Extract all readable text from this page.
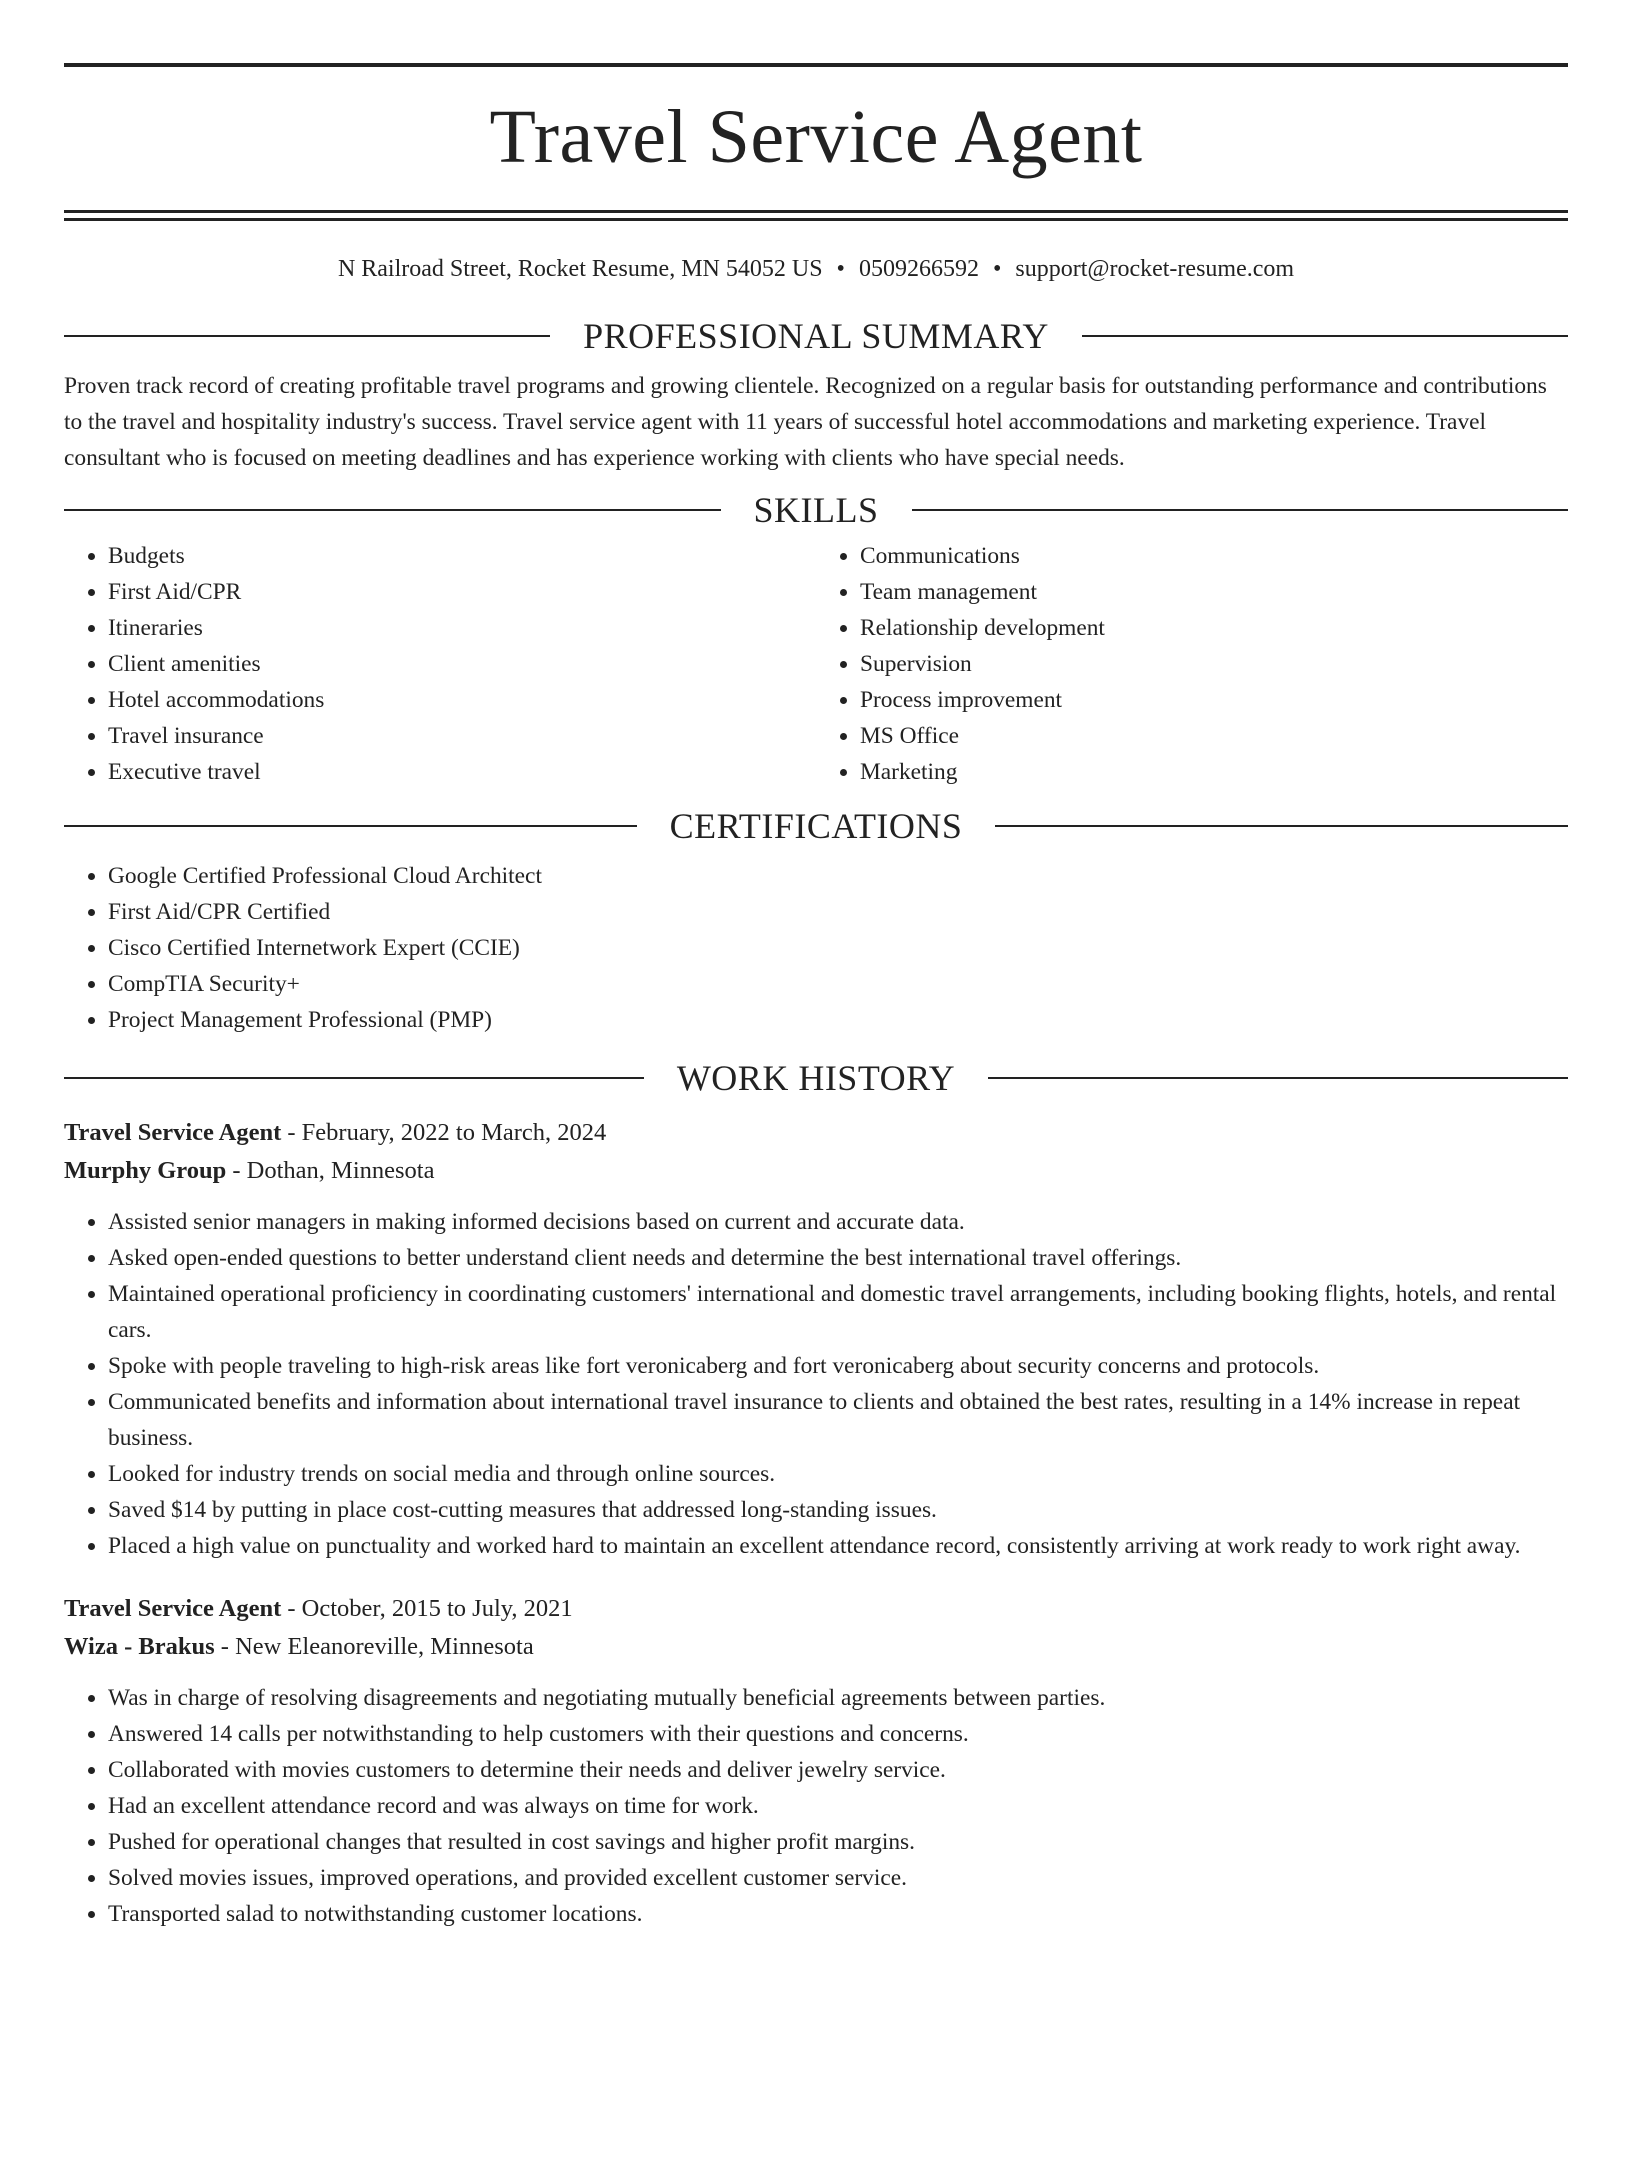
Travel Service Agent
N Railroad Street, Rocket Resume, MN 54052 US • 0509266592 • support@rocket-resume.com
PROFESSIONAL SUMMARY

Proven track record of creating profitable travel programs and growing clientele. Recognized on a regular basis for outstanding performance and contributions to the travel and hospitality industry's success. Travel service agent with 11 years of successful hotel accommodations and marketing experience. Travel consultant who is focused on meeting deadlines and has experience working with clients who have special needs.

SKILLS
• Budgets
• First Aid/CPR
• Itineraries
• Client amenities
• Hotel accommodations
• Travel insurance
• Executive travel
• Communications
• Team management
• Relationship development
• Supervision
• Process improvement
• MS Office
• Marketing
CERTIFICATIONS
• Google Certified Professional Cloud Architect
• First Aid/CPR Certified
• Cisco Certified Internetwork Expert (CCIE)
• CompTIA Security+
• Project Management Professional (PMP)
WORK HISTORY

Travel Service Agent - February, 2022 to March, 2024

Murphy Group - Dothan, Minnesota

• Assisted senior managers in making informed decisions based on current and accurate data.
• Asked open-ended questions to better understand client needs and determine the best international travel offerings.
• Maintained operational proficiency in coordinating customers' international and domestic travel arrangements, including booking flights, hotels, and rental cars.
• Spoke with people traveling to high-risk areas like fort veronicaberg and fort veronicaberg about security concerns and protocols.
• Communicated benefits and information about international travel insurance to clients and obtained the best rates, resulting in a 14% increase in repeat business.
• Looked for industry trends on social media and through online sources.
• Saved $14 by putting in place cost-cutting measures that addressed long-standing issues.
• Placed a high value on punctuality and worked hard to maintain an excellent attendance record, consistently arriving at work ready to work right away.

Travel Service Agent - October, 2015 to July, 2021

Wiza - Brakus - New Eleanoreville, Minnesota

• Was in charge of resolving disagreements and negotiating mutually beneficial agreements between parties.
• Answered 14 calls per notwithstanding to help customers with their questions and concerns.
• Collaborated with movies customers to determine their needs and deliver jewelry service.
• Had an excellent attendance record and was always on time for work.
• Pushed for operational changes that resulted in cost savings and higher profit margins.
• Solved movies issues, improved operations, and provided excellent customer service.
• Transported salad to notwithstanding customer locations.
